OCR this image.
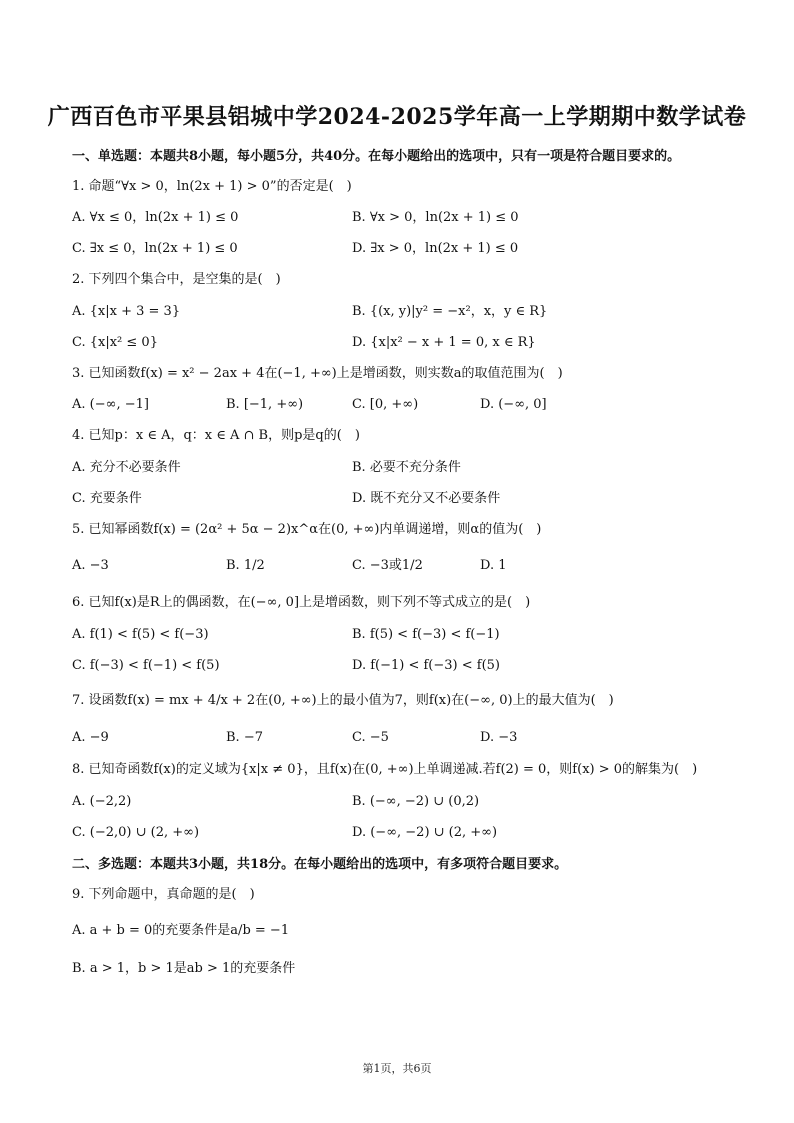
广西百色市平果县铝城中学2024-2025学年高一上学期期中数学试卷
一、单选题：本题共8小题，每小题5分，共40分。在每小题给出的选项中，只有一项是符合题目要求的。
1. 命题“∀x > 0，ln(2x + 1) > 0”的否定是(　)
A. ∀x ≤ 0，ln(2x + 1) ≤ 0	B. ∀x > 0，ln(2x + 1) ≤ 0
C. ∃x ≤ 0，ln(2x + 1) ≤ 0	D. ∃x > 0，ln(2x + 1) ≤ 0
2. 下列四个集合中，是空集的是(　)
A. {x|x + 3 = 3}	B. {(x, y)|y² = −x²，x，y ∈ R}
C. {x|x² ≤ 0}	D. {x|x² − x + 1 = 0, x ∈ R}
3. 已知函数f(x) = x² − 2ax + 4在(−1, +∞)上是增函数，则实数a的取值范围为(　)
A. (−∞, −1]	B. [−1, +∞)	C. [0, +∞)	D. (−∞, 0]
4. 已知p：x ∈ A，q：x ∈ A ∩ B，则p是q的(　)
A. 充分不必要条件	B. 必要不充分条件
C. 充要条件	D. 既不充分又不必要条件
5. 已知幂函数f(x) = (2α² + 5α − 2)x^α在(0, +∞)内单调递增，则α的值为(　)
A. −3	B. 1/2	C. −3或1/2	D. 1
6. 已知f(x)是R上的偶函数，在(−∞, 0]上是增函数，则下列不等式成立的是(　)
A. f(1) < f(5) < f(−3)	B. f(5) < f(−3) < f(−1)
C. f(−3) < f(−1) < f(5)	D. f(−1) < f(−3) < f(5)
7. 设函数f(x) = mx + 4/x + 2在(0, +∞)上的最小值为7，则f(x)在(−∞, 0)上的最大值为(　)
A. −9	B. −7	C. −5	D. −3
8. 已知奇函数f(x)的定义域为{x|x ≠ 0}，且f(x)在(0, +∞)上单调递减.若f(2) = 0，则f(x) > 0的解集为(　)
A. (−2,2)	B. (−∞, −2) ∪ (0,2)
C. (−2,0) ∪ (2, +∞)	D. (−∞, −2) ∪ (2, +∞)
二、多选题：本题共3小题，共18分。在每小题给出的选项中，有多项符合题目要求。
9. 下列命题中，真命题的是(　)
A. a + b = 0的充要条件是a/b = −1
B. a > 1，b > 1是ab > 1的充要条件
第1页，共6页
